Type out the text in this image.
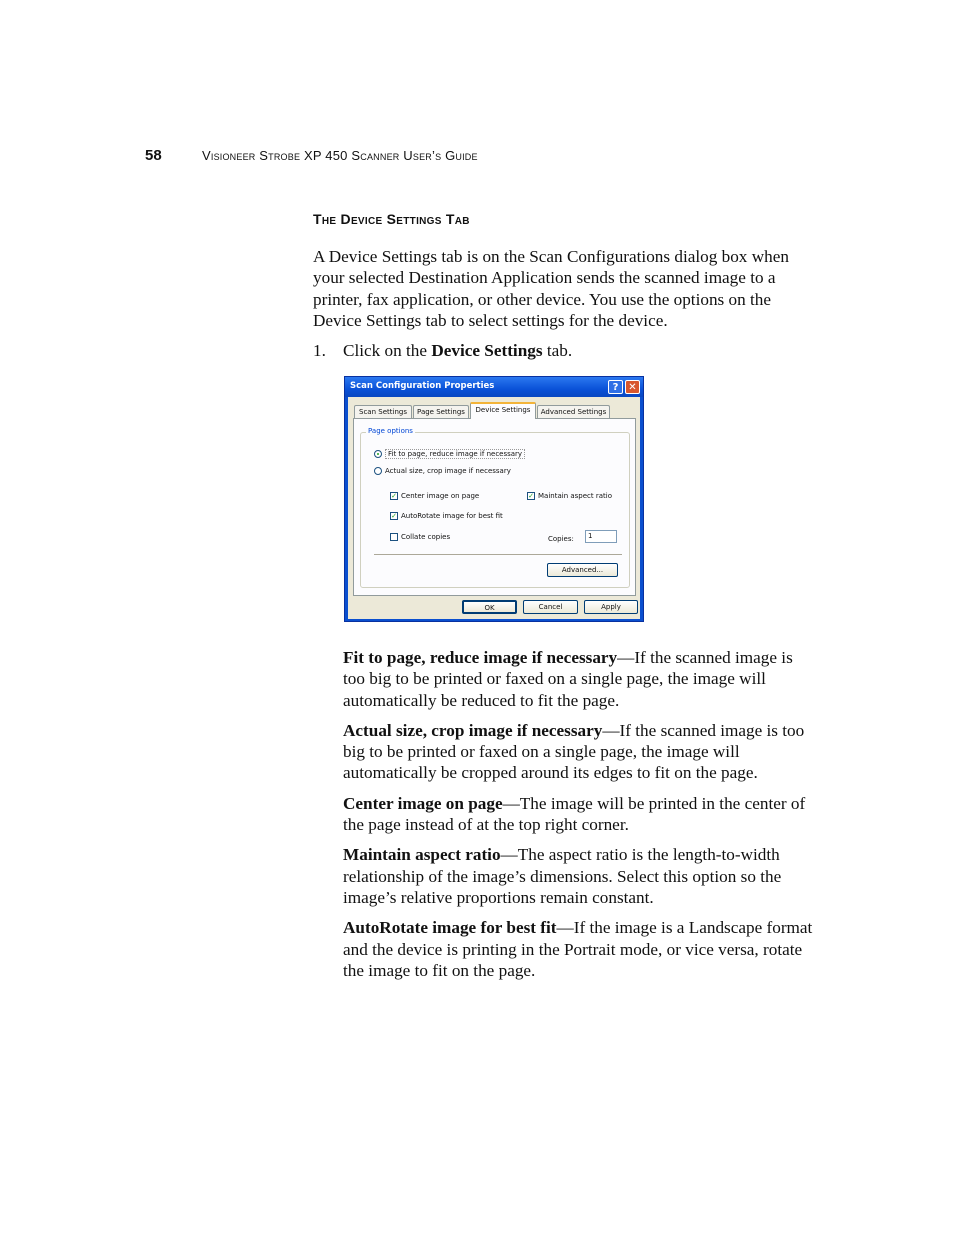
58	Visioneer Strobe XP 450 Scanner User’s Guide
The Device Settings Tab
A Device Settings tab is on the Scan Configurations dialog box when your selected Destination Application sends the scanned image to a printer, fax application, or other device. You use the options on the Device Settings tab to select settings for the device.
1. Click on the Device Settings tab.
Scan Configuration Properties	? ✕
Scan Settings	Page Settings	Device Settings	Advanced Settings
Page options
Fit to page, reduce image if necessary
Actual size, crop image if necessary
✓ Center image on page	✓ Maintain aspect ratio
✓ AutoRotate image for best fit
Collate copies	Copies:	1
Advanced...
OK	Cancel	Apply

Fit to page, reduce image if necessary—If the scanned image is too big to be printed or faxed on a single page, the image will automatically be reduced to fit the page.

Actual size, crop image if necessary—If the scanned image is too big to be printed or faxed on a single page, the image will automatically be cropped around its edges to fit on the page.

Center image on page—The image will be printed in the center of the page instead of at the top right corner.

Maintain aspect ratio—The aspect ratio is the length-to-width relationship of the image’s dimensions. Select this option so the image’s relative proportions remain constant.

AutoRotate image for best fit—If the image is a Landscape format and the device is printing in the Portrait mode, or vice versa, rotate the image to fit on the page.
